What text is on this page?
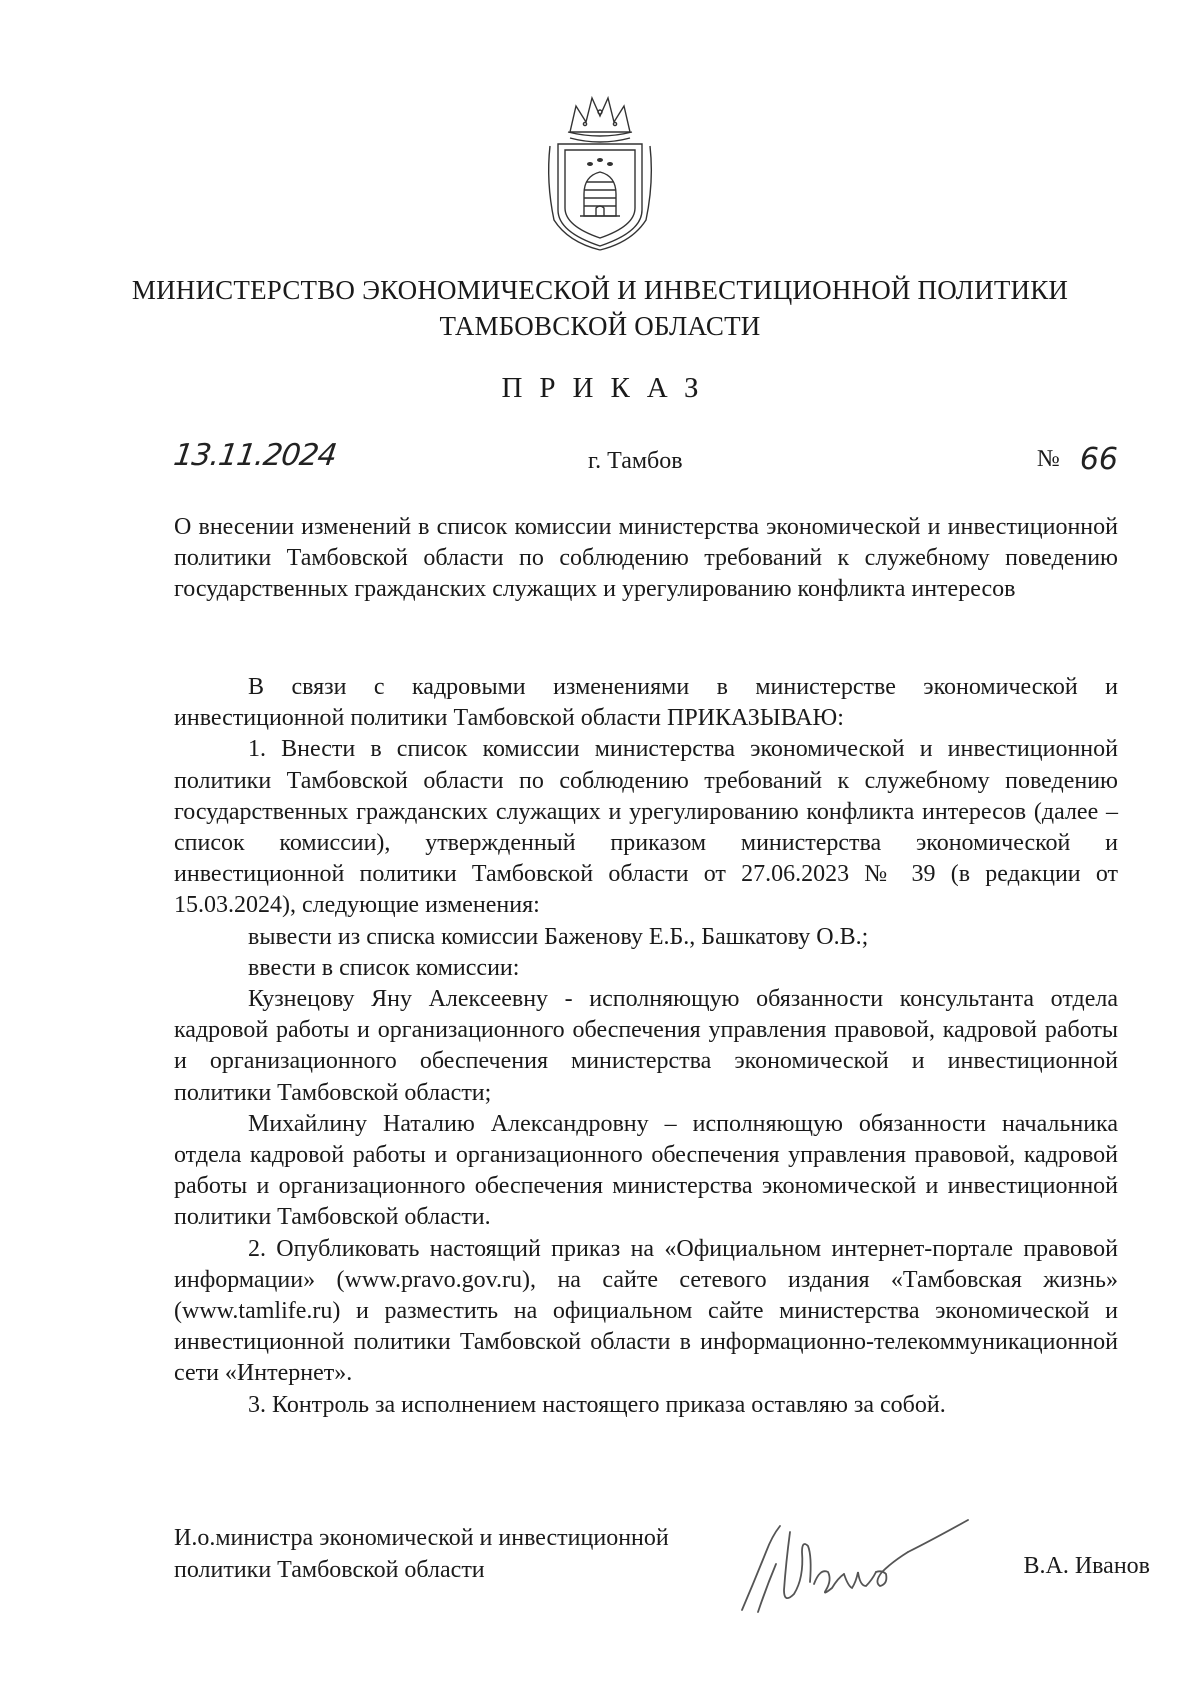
МИНИСТЕРСТВО ЭКОНОМИЧЕСКОЙ И ИНВЕСТИЦИОННОЙ ПОЛИТИКИ
ТАМБОВСКОЙ ОБЛАСТИ
ПРИКАЗ
13.11.2024	г. Тамбов	№ 66
О внесении изменений в список комиссии министерства экономической и инвестиционной политики Тамбовской области по соблюдению требований к служебному поведению государственных гражданских служащих и урегулированию конфликта интересов

В связи с кадровыми изменениями в министерстве экономической и инвестиционной политики Тамбовской области ПРИКАЗЫВАЮ:

1. Внести в список комиссии министерства экономической и инвестиционной политики Тамбовской области по соблюдению требований к служебному поведению государственных гражданских служащих и урегулированию конфликта интересов (далее – список комиссии), утвержденный приказом министерства экономической и инвестиционной политики Тамбовской области от 27.06.2023 № 39 (в редакции от 15.03.2024), следующие изменения:

вывести из списка комиссии Баженову Е.Б., Башкатову О.В.;

ввести в список комиссии:

Кузнецову Яну Алексеевну - исполняющую обязанности консультанта отдела кадровой работы и организационного обеспечения управления правовой, кадровой работы и организационного обеспечения министерства экономической и инвестиционной политики Тамбовской области;

Михайлину Наталию Александровну – исполняющую обязанности начальника отдела кадровой работы и организационного обеспечения управления правовой, кадровой работы и организационного обеспечения министерства экономической и инвестиционной политики Тамбовской области.

2. Опубликовать настоящий приказ на «Официальном интернет-портале правовой информации» (www.pravo.gov.ru), на сайте сетевого издания «Тамбовская жизнь» (www.tamlife.ru) и разместить на официальном сайте министерства экономической и инвестиционной политики Тамбовской области в информационно-телекоммуникационной сети «Интернет».

3. Контроль за исполнением настоящего приказа оставляю за собой.

И.о.министра экономической и инвестиционной
политики Тамбовской области	В.А. Иванов
